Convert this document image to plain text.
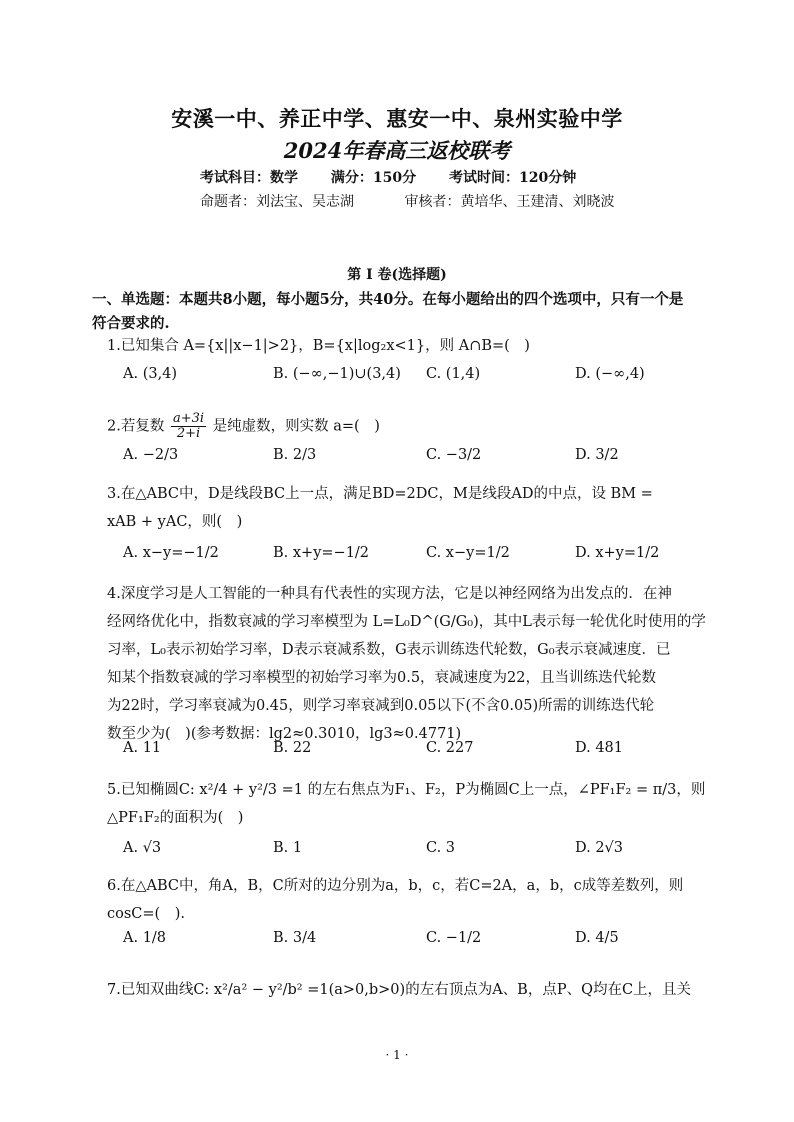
安溪一中、养正中学、惠安一中、泉州实验中学
2024年春高三返校联考
考试科目：数学 满分：150分 考试时间：120分钟
命题者：刘法宝、吴志湖	审核者：黄培华、王建清、刘晓波
第 I 卷(选择题)
一、单选题：本题共8小题，每小题5分，共40分。在每小题给出的四个选项中，只有一个是
符合要求的.
1.已知集合 A={x||x−1|>2}，B={x|log₂x<1}，则 A∩B=(　)
A. (3,4)	B. (−∞,−1)∪(3,4) C. (1,4)	D. (−∞,4)
2.若复数 $\frac{a+3i}{2+i}$ 是纯虚数，则实数 a=(　)
A. −2/3	B. 2/3	C. −3/2	D. 3/2
3.在△ABC中，D是线段BC上一点，满足BD=2DC，M是线段AD的中点，设 BM =
xAB + yAC，则(　)
A. x−y=−1/2	B. x+y=−1/2	C. x−y=1/2	D. x+y=1/2
4.深度学习是人工智能的一种具有代表性的实现方法，它是以神经网络为出发点的．在神
经网络优化中，指数衰减的学习率模型为 L=L₀D^(G/G₀)，其中L表示每一轮优化时使用的学
习率，L₀表示初始学习率，D表示衰减系数，G表示训练迭代轮数，G₀表示衰减速度．已
知某个指数衰减的学习率模型的初始学习率为0.5，衰减速度为22，且当训练迭代轮数
为22时，学习率衰减为0.45，则学习率衰减到0.05以下(不含0.05)所需的训练迭代轮
数至少为(　)(参考数据：lg2≈0.3010，lg3≈0.4771)
A. 11	B. 22	C. 227	D. 481
5.已知椭圆C: x²/4 + y²/3 =1 的左右焦点为F₁、F₂，P为椭圆C上一点，∠PF₁F₂ = π/3，则
△PF₁F₂的面积为(　)
A. √3	B. 1	C. 3	D. 2√3
6.在△ABC中，角A，B，C所对的边分别为a，b，c，若C=2A，a，b，c成等差数列，则
cosC=(　).
A. 1/8	B. 3/4	C. −1/2	D. 4/5
7.已知双曲线C: x²/a² − y²/b² =1(a>0,b>0)的左右顶点为A、B，点P、Q均在C上，且关
· 1 ·
